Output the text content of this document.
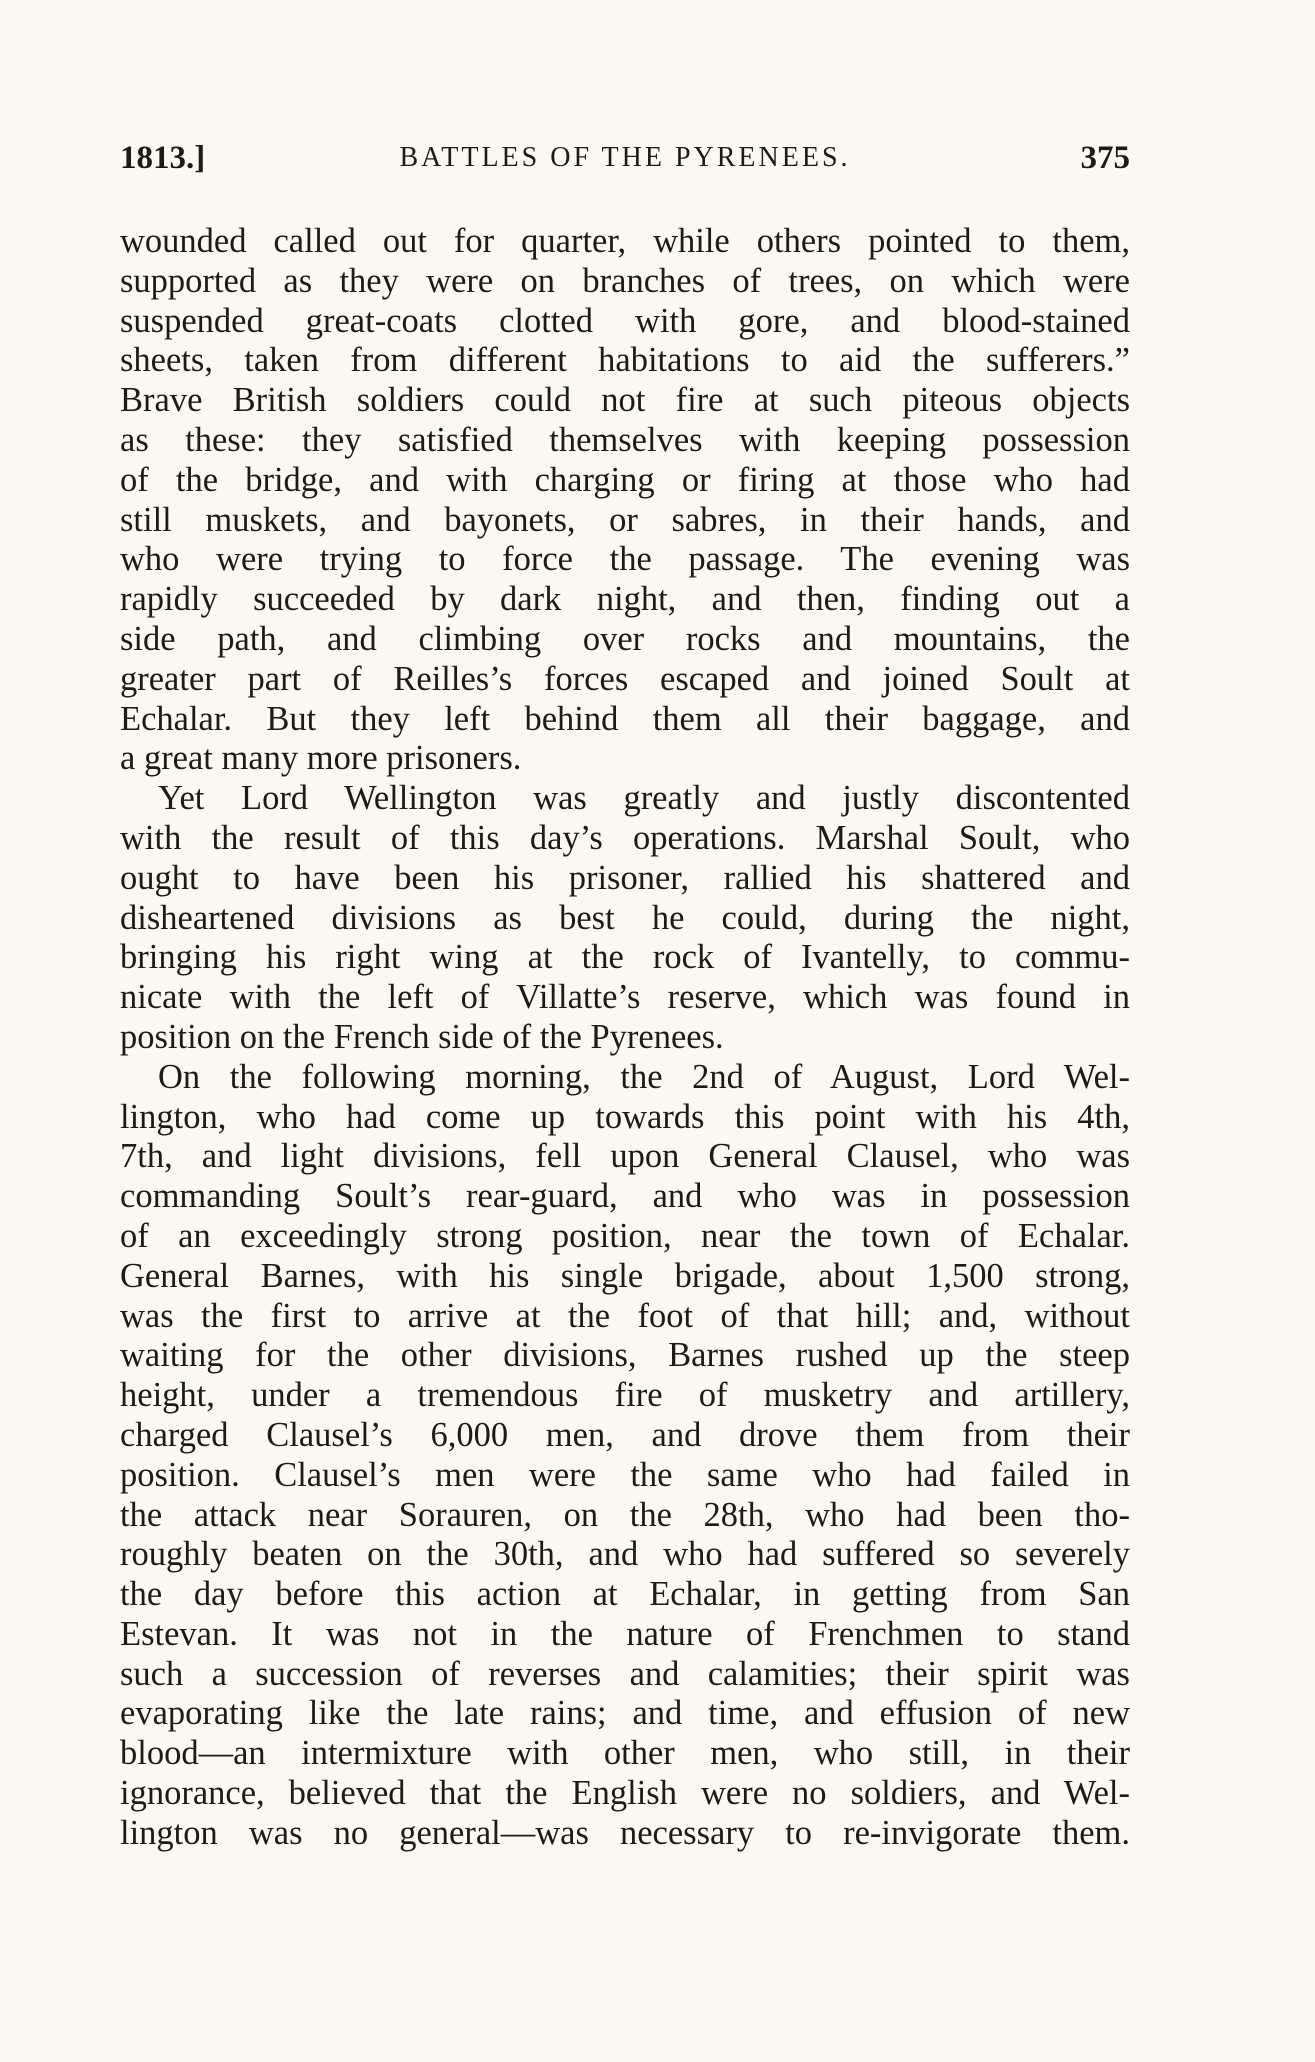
1813.]	BATTLES OF THE PYRENEES.	375
wounded called out for quarter, while others pointed to them,
supported as they were on branches of trees, on which were
suspended great-coats clotted with gore, and blood-stained
sheets, taken from different habitations to aid the sufferers.”
Brave British soldiers could not fire at such piteous objects
as these: they satisfied themselves with keeping possession
of the bridge, and with charging or firing at those who had
still muskets, and bayonets, or sabres, in their hands, and
who were trying to force the passage. The evening was
rapidly succeeded by dark night, and then, finding out a
side path, and climbing over rocks and mountains, the
greater part of Reilles’s forces escaped and joined Soult at
Echalar. But they left behind them all their baggage, and
a great many more prisoners.
Yet Lord Wellington was greatly and justly discontented
with the result of this day’s operations. Marshal Soult, who
ought to have been his prisoner, rallied his shattered and
disheartened divisions as best he could, during the night,
bringing his right wing at the rock of Ivantelly, to commu-
nicate with the left of Villatte’s reserve, which was found in
position on the French side of the Pyrenees.
On the following morning, the 2nd of August, Lord Wel-
lington, who had come up towards this point with his 4th,
7th, and light divisions, fell upon General Clausel, who was
commanding Soult’s rear-guard, and who was in possession
of an exceedingly strong position, near the town of Echalar.
General Barnes, with his single brigade, about 1,500 strong,
was the first to arrive at the foot of that hill; and, without
waiting for the other divisions, Barnes rushed up the steep
height, under a tremendous fire of musketry and artillery,
charged Clausel’s 6,000 men, and drove them from their
position. Clausel’s men were the same who had failed in
the attack near Sorauren, on the 28th, who had been tho-
roughly beaten on the 30th, and who had suffered so severely
the day before this action at Echalar, in getting from San
Estevan. It was not in the nature of Frenchmen to stand
such a succession of reverses and calamities; their spirit was
evaporating like the late rains; and time, and effusion of new
blood—an intermixture with other men, who still, in their
ignorance, believed that the English were no soldiers, and Wel-
lington was no general—was necessary to re-invigorate them.
